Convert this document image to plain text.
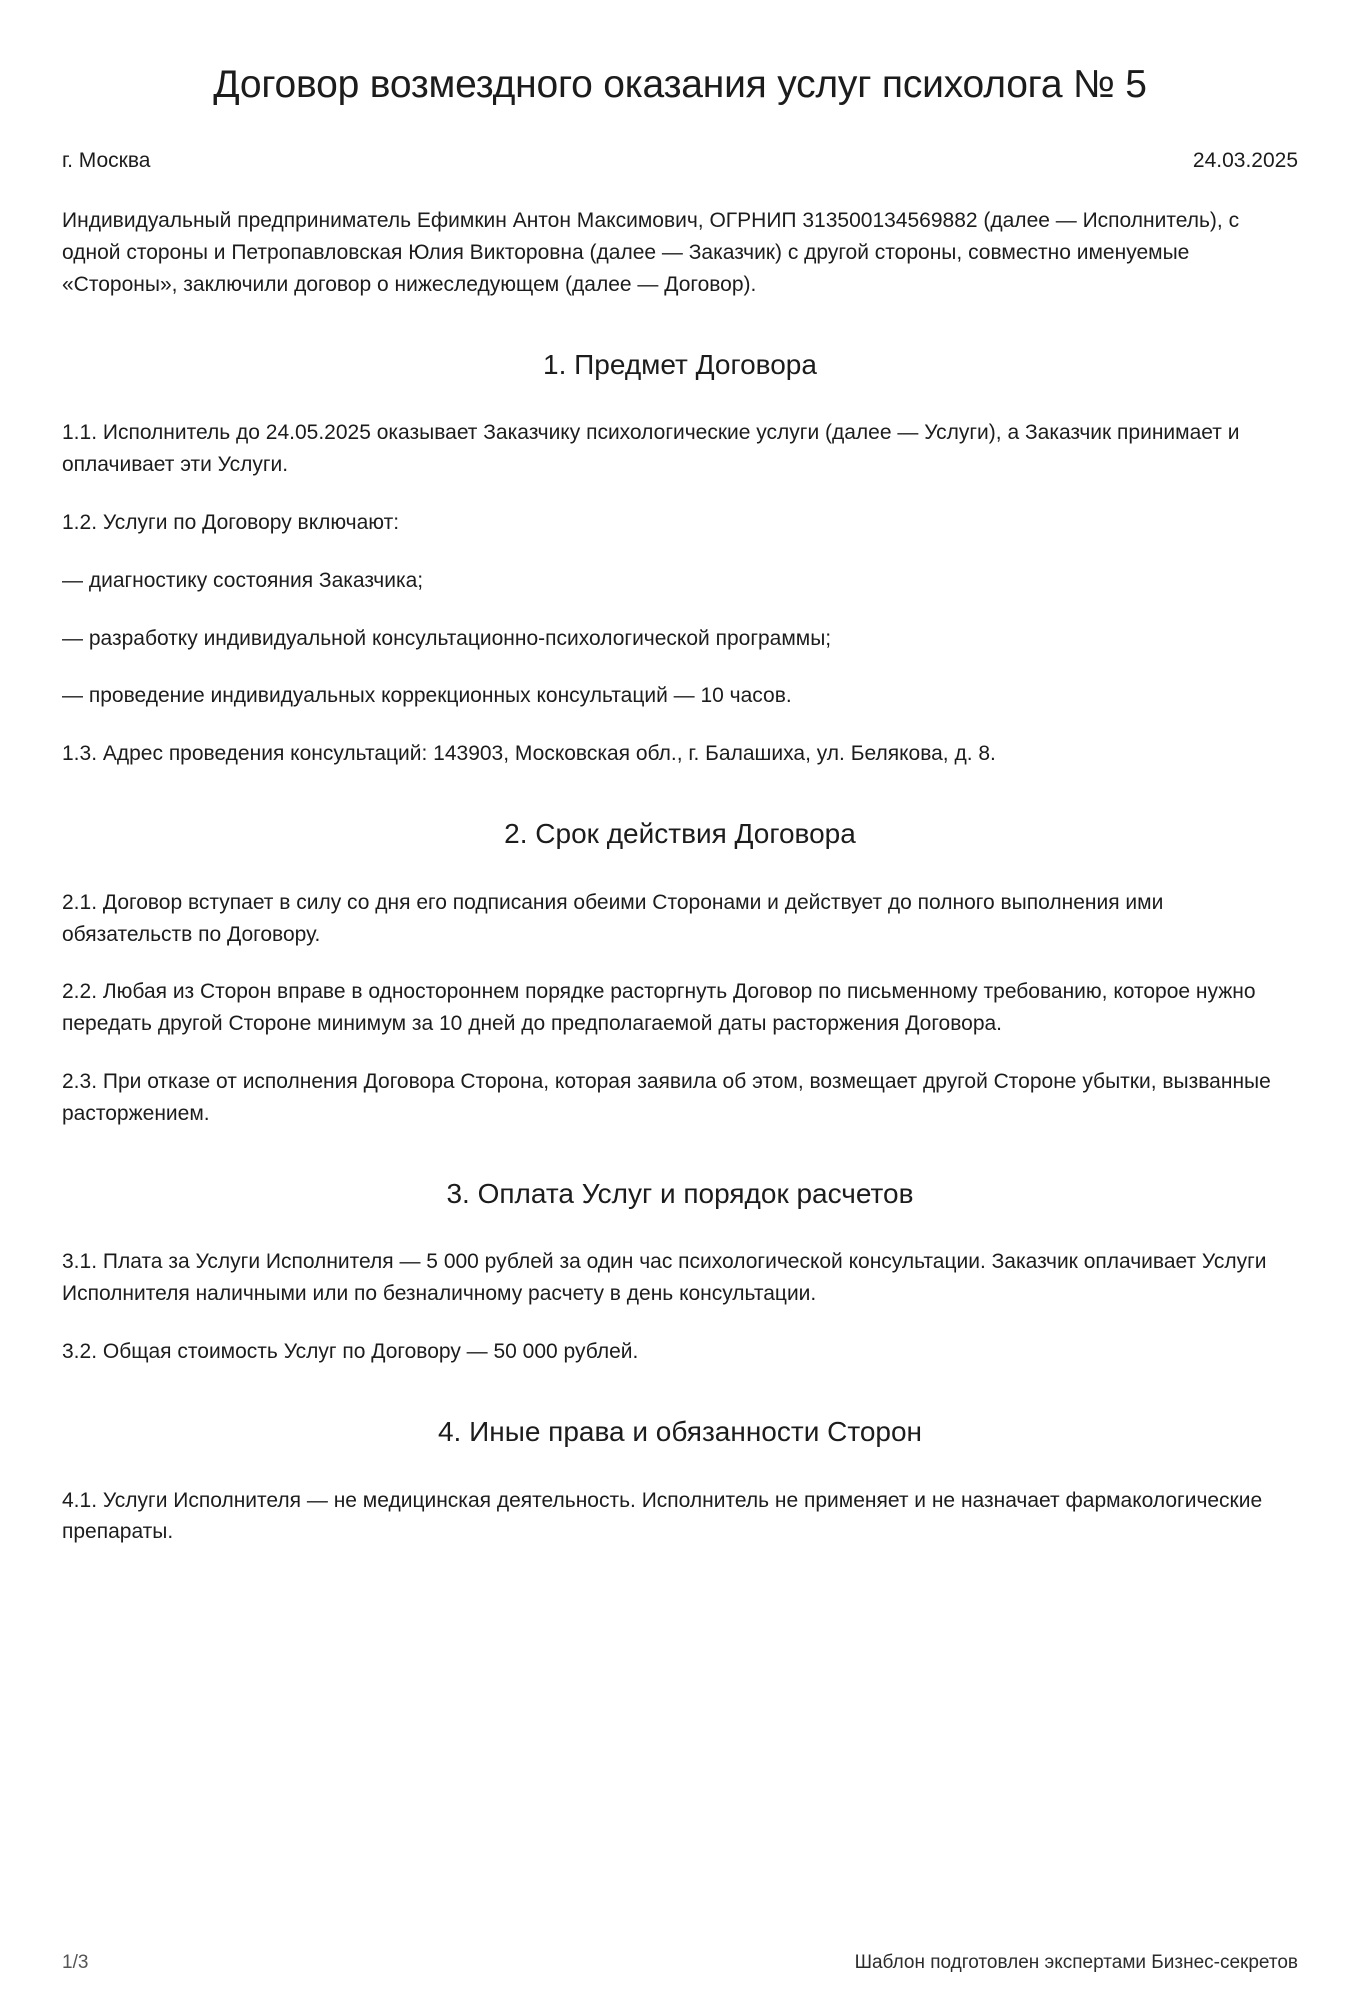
Договор возмездного оказания услуг психолога № 5
г. Москва	24.03.2025

Индивидуальный предприниматель Ефимкин Антон Максимович, ОГРНИП 313500134569882 (далее — Исполнитель), с одной стороны и Петропавловская Юлия Викторовна (далее — Заказчик) с другой стороны, совместно именуемые «Стороны», заключили договор о нижеследующем (далее — Договор).

1. Предмет Договора

1.1. Исполнитель до 24.05.2025 оказывает Заказчику психологические услуги (далее — Услуги), а Заказчик принимает и оплачивает эти Услуги.

1.2. Услуги по Договору включают:

— диагностику состояния Заказчика;

— разработку индивидуальной консультационно-психологической программы;

— проведение индивидуальных коррекционных консультаций — 10 часов.

1.3. Адрес проведения консультаций: 143903, Московская обл., г. Балашиха, ул. Белякова, д. 8.

2. Срок действия Договора

2.1. Договор вступает в силу со дня его подписания обеими Сторонами и действует до полного выполнения ими обязательств по Договору.

2.2. Любая из Сторон вправе в одностороннем порядке расторгнуть Договор по письменному требованию, которое нужно передать другой Стороне минимум за 10 дней до предполагаемой даты расторжения Договора.

2.3. При отказе от исполнения Договора Сторона, которая заявила об этом, возмещает другой Стороне убытки, вызванные расторжением.

3. Оплата Услуг и порядок расчетов

3.1. Плата за Услуги Исполнителя — 5 000 рублей за один час психологической консультации. Заказчик оплачивает Услуги Исполнителя наличными или по безналичному расчету в день консультации.

3.2. Общая стоимость Услуг по Договору — 50 000 рублей.

4. Иные права и обязанности Сторон

4.1. Услуги Исполнителя — не медицинская деятельность. Исполнитель не применяет и не назначает фармакологические препараты.

1/3	Шаблон подготовлен экспертами Бизнес-секретов
